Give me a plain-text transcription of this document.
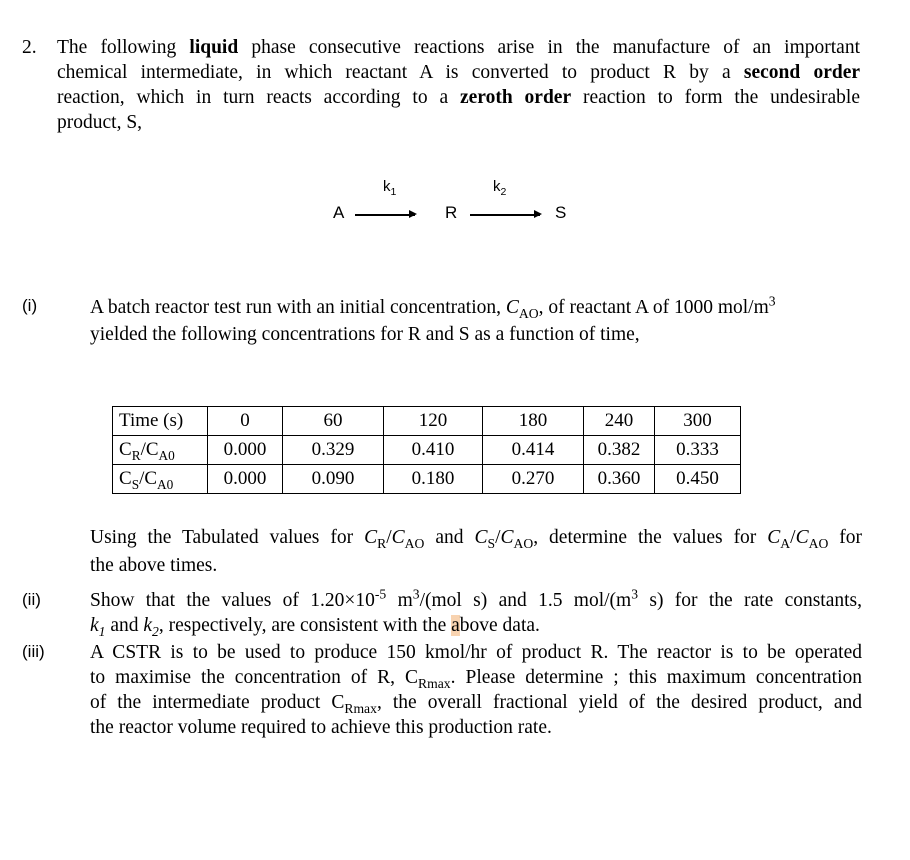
2. The following liquid phase consecutive reactions arise in the manufacture of an important
chemical intermediate, in which reactant A is converted to product R by a second order
reaction, which in turn reacts according to a zeroth order reaction to form the undesirable
product, S,
A
$k_1$
R
$k_2$
S
(i)	A batch reactor test run with an initial concentration, $C_{AO}$, of reactant A of 1000 mol/$m^3$
yielded the following concentrations for R and S as a function of time,
Time (s)	0	60	120	180	240	300
$C_R/C_{A0}$	0.000	0.329	0.410	0.414	0.382	0.333
$C_S/C_{A0}$	0.000	0.090	0.180	0.270	0.360	0.450
Using the Tabulated values for $C_R/C_{AO}$ and $C_S/C_{AO}$, determine the values for $C_A/C_{AO}$ for
the above times.
(ii)	Show that the values of $1.20\times 10^{-5}$ $m^3/(mol$ s) and 1.5 mol/($m^3$ s) for the rate constants,
$k_1$ and $k_2$, respectively, are consistent with the above data.
(iii) A CSTR is to be used to produce 150 kmol/hr of product R. The reactor is to be operated
to maximise the concentration of R, $C_{Rmax}$. Please determine ; this maximum concentration
of the intermediate product $C_{Rmax}$, the overall fractional yield of the desired product, and
the reactor volume required to achieve this production rate.
